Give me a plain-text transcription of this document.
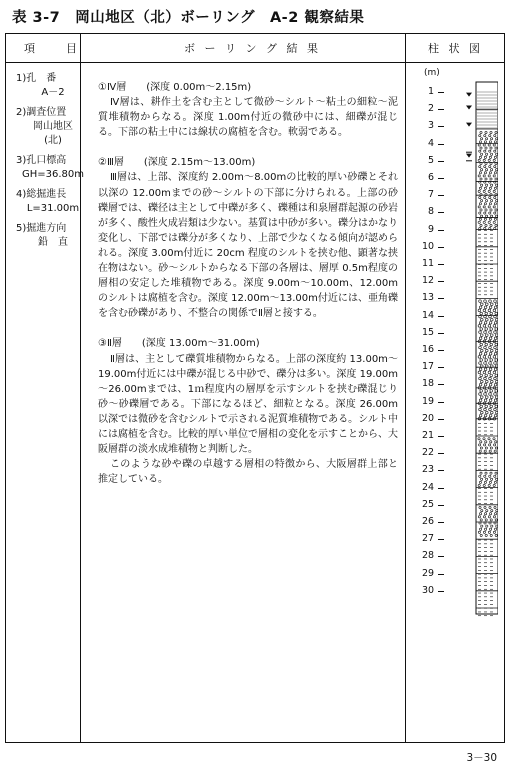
表 3-7　岡山地区（北）ボーリング　A-2 観察結果
項　　目	ボ ー リ ン グ 結 果	柱 状 図
1)孔　番
A－2
2)調査位置
岡山地区
(北)
3)孔口標高
GH=36.80m
4)総掘進長
L=31.00m
5)掘進方向
鉛　直
①Ⅳ層　　(深度 0.00m～2.15m)

Ⅳ層は、耕作土を含む主として微砂～シルト～粘土の細粒～泥質堆積物からなる。深度 1.00m付近の微砂中には、細礫が混じる。下部の粘土中には線状の腐植を含む。軟弱である。

②Ⅲ層　　(深度 2.15m～13.00m)

Ⅲ層は、上部、深度約 2.00m～8.00mの比較的厚い砂礫とそれ以深の 12.00mまでの砂～シルトの下部に分けられる。上部の砂礫層では、礫径は主として中礫が多く、礫種は和泉層群起源の砂岩が多く、酸性火成岩類は少ない。基質は中砂が多い。礫分はかなり変化し、下部では礫分が多くなり、上部で少なくなる傾向が認められる。深度 3.00m付近に 20cm 程度のシルトを挟む他、顕著な挟在物はない。砂～シルトからなる下部の各層は、層厚 0.5m程度の層相の安定した堆積物である。深度 9.00m～10.00m、12.00mのシルトは腐植を含む。深度 12.00m～13.00m付近には、亜角礫を含む砂礫があり、不整合の関係でⅡ層と接する。

③Ⅱ層　　(深度 13.00m～31.00m)

Ⅱ層は、主として礫質堆積物からなる。上部の深度約 13.00m～19.00m付近には中礫が混じる中砂で、礫分は多い。深度 19.00m～26.00mまでは、1ｍ程度内の層厚を示すシルトを挟む礫混じり砂～砂礫層である。下部になるほど、細粒となる。深度 26.00m以深では微砂を含むシルトで示される泥質堆積物である。シルト中には腐植を含む。比較的厚い単位で層相の変化を示すことから、大阪層群の淡水成堆積物と判断した。

このような砂や礫の卓越する層相の特徴から、大阪層群上部と推定している。

(m)
1
2
3
4
5
6
7
8
9
10
11
12
13
14
15
16
17
18
19
20
21
22
23
24
25
26
27
28
29
30
3－30
